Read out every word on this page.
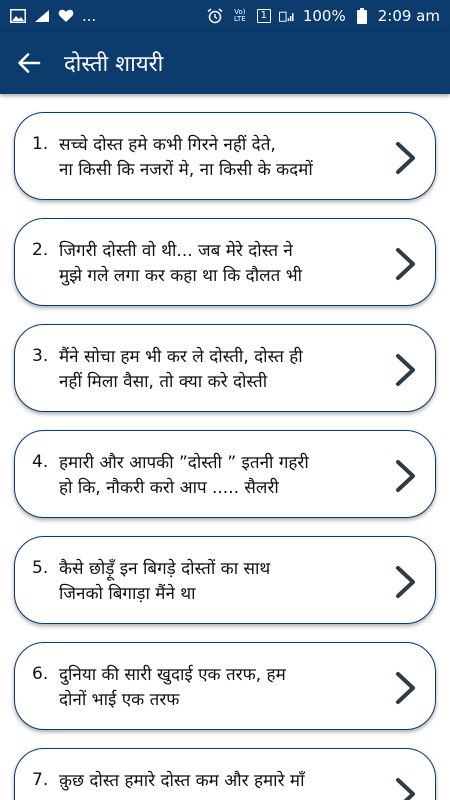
...	Vo)
LTE	1 100% 2:09 am
दोस्ती शायरी
1. सच्चे दोस्त हमे कभी गिरने नहीं देते,
ना किसी कि नजरों मे, ना किसी के कदमों
2. जिगरी दोस्ती वो थी... जब मेरे दोस्त ने
मुझे गले लगा कर कहा था कि दौलत भी
3. मैंने सोचा हम भी कर ले दोस्ती, दोस्त ही
नहीं मिला वैसा, तो क्या करे दोस्ती
4. हमारी और आपकी ”दोस्ती ” इतनी गहरी
हो कि, नौकरी करो आप ..... सैलरी
5. कैसे छोड़ूँ इन बिगड़े दोस्तों का साथ
जिनको बिगाड़ा मैंने था
6. दुनिया की सारी खुदाई एक तरफ, हम
दोनों भाई एक तरफ
7. क़ुछ दोस्त हमारे दोस्त कम और हमारे माँ
